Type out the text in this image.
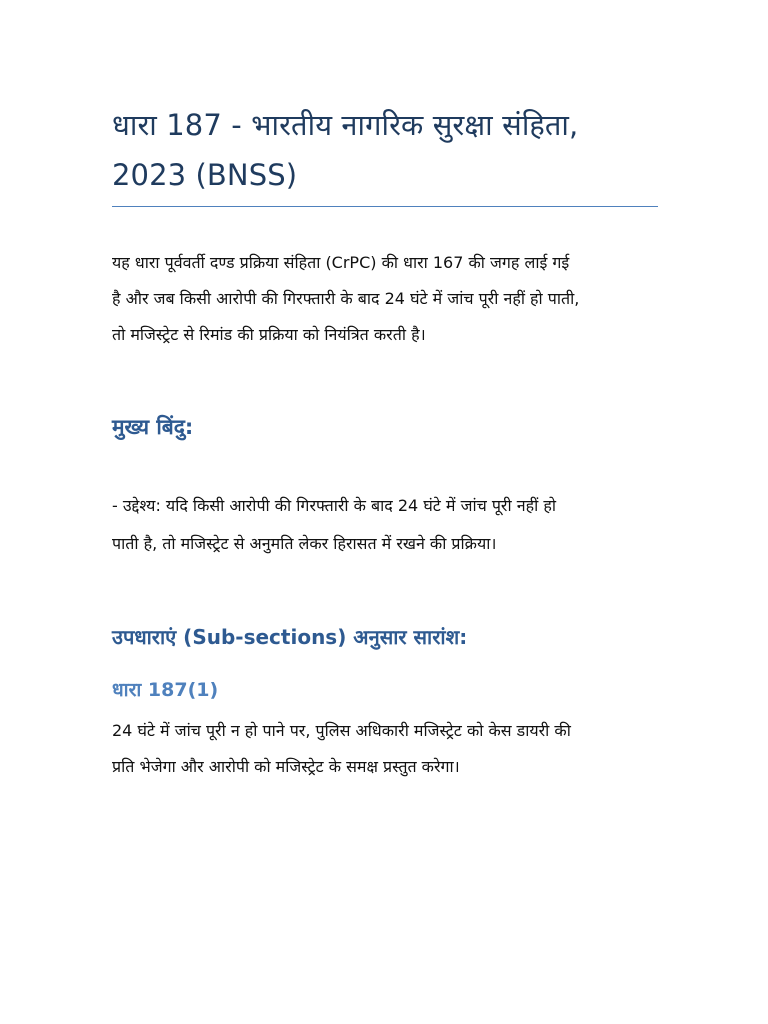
धारा 187 - भारतीय नागरिक सुरक्षा संहिता,
2023 (BNSS)

यह धारा पूर्ववर्ती दण्ड प्रक्रिया संहिता (CrPC) की धारा 167 की जगह लाई गई
है और जब किसी आरोपी की गिरफ्तारी के बाद 24 घंटे में जांच पूरी नहीं हो पाती,
तो मजिस्ट्रेट से रिमांड की प्रक्रिया को नियंत्रित करती है।

मुख्य बिंदु:

- उद्देश्य: यदि किसी आरोपी की गिरफ्तारी के बाद 24 घंटे में जांच पूरी नहीं हो
पाती है, तो मजिस्ट्रेट से अनुमति लेकर हिरासत में रखने की प्रक्रिया।

उपधाराएं (Sub-sections) अनुसार सारांश:
धारा 187(1)

24 घंटे में जांच पूरी न हो पाने पर, पुलिस अधिकारी मजिस्ट्रेट को केस डायरी की
प्रति भेजेगा और आरोपी को मजिस्ट्रेट के समक्ष प्रस्तुत करेगा।
